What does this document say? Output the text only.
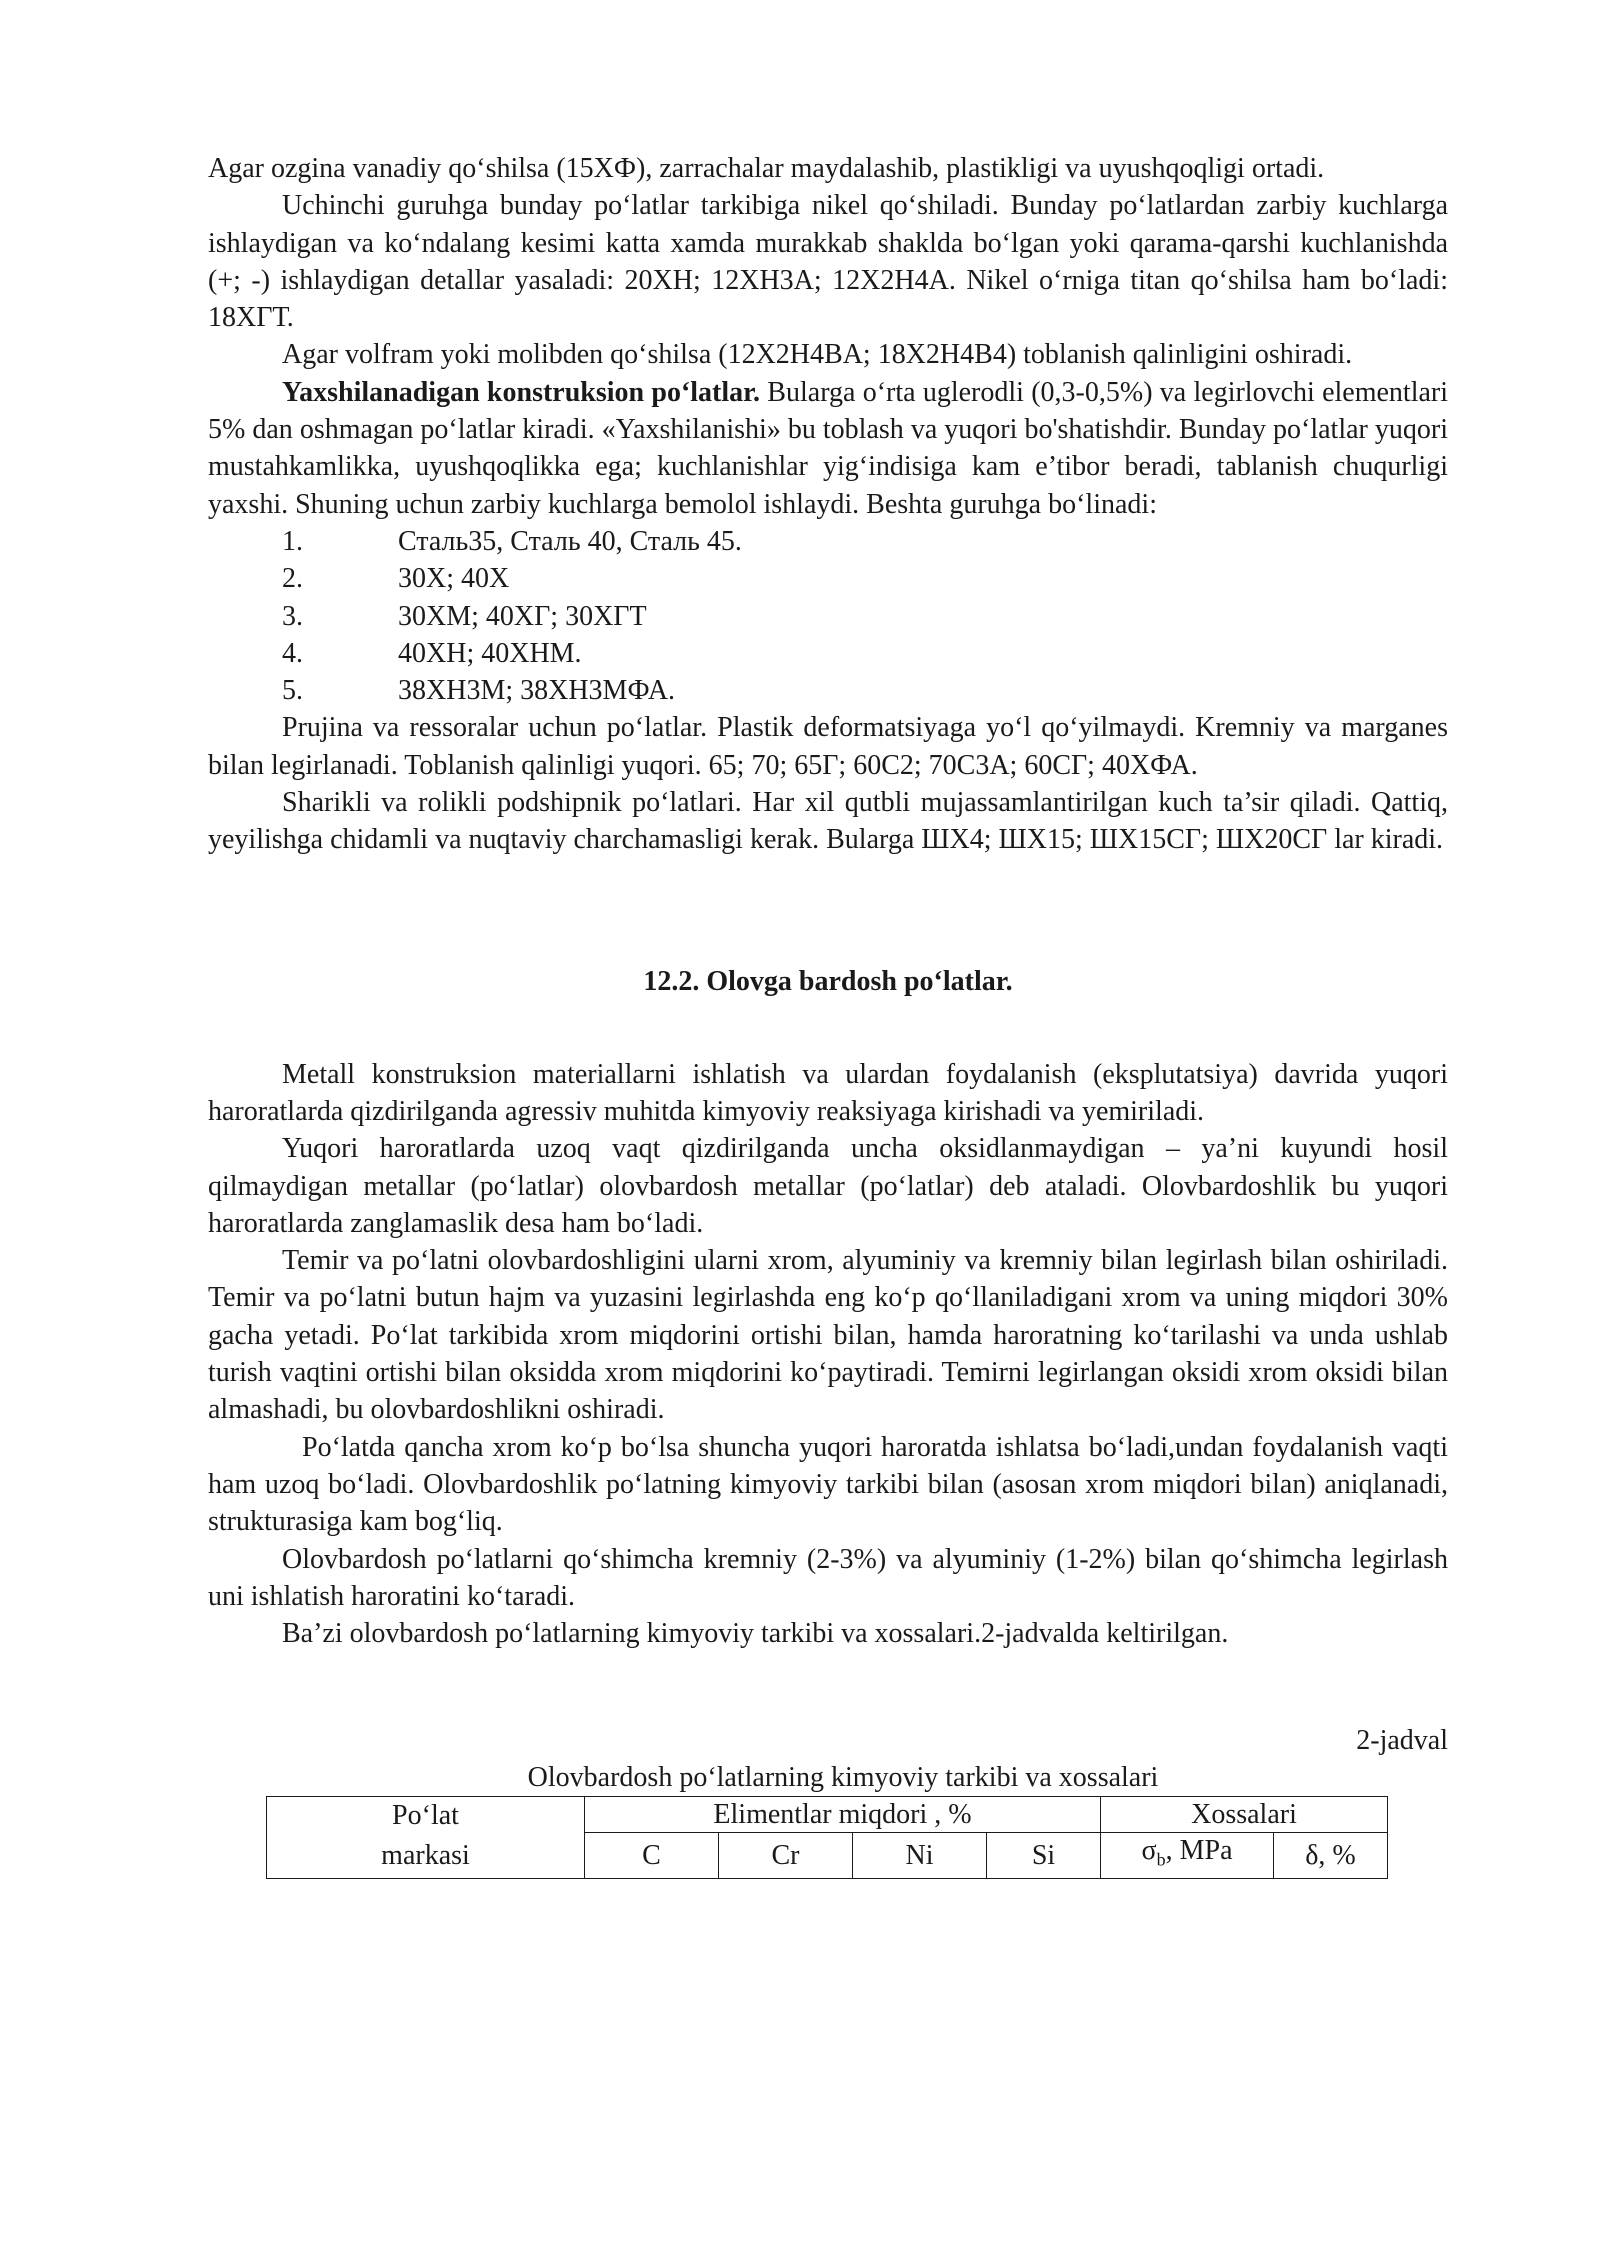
Agar ozgina vanadiy qo‘shilsa (15XФ), zarrachalar maydalashib, plastikligi va uyushqoqligi ortadi.

Uchinchi guruhga bunday po‘latlar tarkibiga nikel qo‘shiladi. Bunday po‘latlardan zarbiy kuchlarga ishlaydigan va ko‘ndalang kesimi katta xamda murakkab shaklda bo‘lgan yoki qarama-qarshi kuchlanishda (+; -) ishlaydigan detallar yasaladi: 20XH; 12XH3A; 12X2H4A. Nikel o‘rniga titan qo‘shilsa ham bo‘ladi: 18XГТ.

Agar volfram yoki molibden qo‘shilsa (12X2H4BA; 18X2H4B4) toblanish qalinligini oshiradi.

Yaxshilanadigan konstruksion po‘latlar. Bularga o‘rta uglerodli (0,3-0,5%) va legirlovchi elementlari 5% dan oshmagan po‘latlar kiradi. «Yaxshilanishi» bu toblash va yuqori bo'shatishdir. Bunday po‘latlar yuqori mustahkamlikka, uyushqoqlikka ega; kuchlanishlar yig‘indisiga kam e’tibor beradi, tablanish chuqurligi yaxshi. Shuning uchun zarbiy kuchlarga bemolol ishlaydi. Beshta guruhga bo‘linadi:

1.	Сталь35, Сталь 40, Сталь 45.
2.	30X; 40X
3.	30XM; 40XГ; 30XГТ
4.	40XH; 40XHM.
5.	38XH3M; 38XH3MФА.

Prujina va ressoralar uchun po‘latlar. Plastik deformatsiyaga yo‘l qo‘yilmaydi. Kremniy va marganes bilan legirlanadi. Toblanish qalinligi yuqori. 65; 70; 65Г; 60С2; 70С3А; 60СГ; 40XФА.

Sharikli va rolikli podshipnik po‘latlari. Har xil qutbli mujassamlantirilgan kuch ta’sir qiladi. Qattiq, yeyilishga chidamli va nuqtaviy charchamasligi kerak. Bularga ШX4; ШX15; ШX15СГ; ШX20СГ lar kiradi.

12.2. Olovga bardosh po‘latlar.

Metall konstruksion materiallarni ishlatish va ulardan foydalanish (eksplutatsiya) davrida yuqori haroratlarda qizdirilganda agressiv muhitda kimyoviy reaksiyaga kirishadi va yemiriladi.

Yuqori haroratlarda uzoq vaqt qizdirilganda uncha oksidlanmaydigan – ya’ni kuyundi hosil qilmaydigan metallar (po‘latlar) olovbardosh metallar (po‘latlar) deb ataladi. Olovbardoshlik bu yuqori haroratlarda zanglamaslik desa ham bo‘ladi.

Temir va po‘latni olovbardoshligini ularni xrom, alyuminiy va kremniy bilan legirlash bilan oshiriladi. Temir va po‘latni butun hajm va yuzasini legirlashda eng ko‘p qo‘llaniladigani xrom va uning miqdori 30% gacha yetadi. Po‘lat tarkibida xrom miqdorini ortishi bilan, hamda haroratning ko‘tarilashi va unda ushlab turish vaqtini ortishi bilan oksidda xrom miqdorini ko‘paytiradi. Temirni legirlangan oksidi xrom oksidi bilan almashadi, bu olovbardoshlikni oshiradi.

Po‘latda qancha xrom ko‘p bo‘lsa shuncha yuqori haroratda ishlatsa bo‘ladi,undan foydalanish vaqti ham uzoq bo‘ladi. Olovbardoshlik po‘latning kimyoviy tarkibi bilan (asosan xrom miqdori bilan) aniqlanadi, strukturasiga kam bog‘liq.

Olovbardosh po‘latlarni qo‘shimcha kremniy (2-3%) va alyuminiy (1-2%) bilan qo‘shimcha legirlash uni ishlatish haroratini ko‘taradi.

Ba’zi olovbardosh po‘latlarning kimyoviy tarkibi va xossalari.2-jadvalda keltirilgan.

2-jadval

Olovbardosh po‘latlarning kimyoviy tarkibi va xossalari

Po‘lat	Elimentlar miqdori , %				Xossalari	
markasi	C	Cr	Ni	Si	$\sigma_b$, MPa	δ, %
